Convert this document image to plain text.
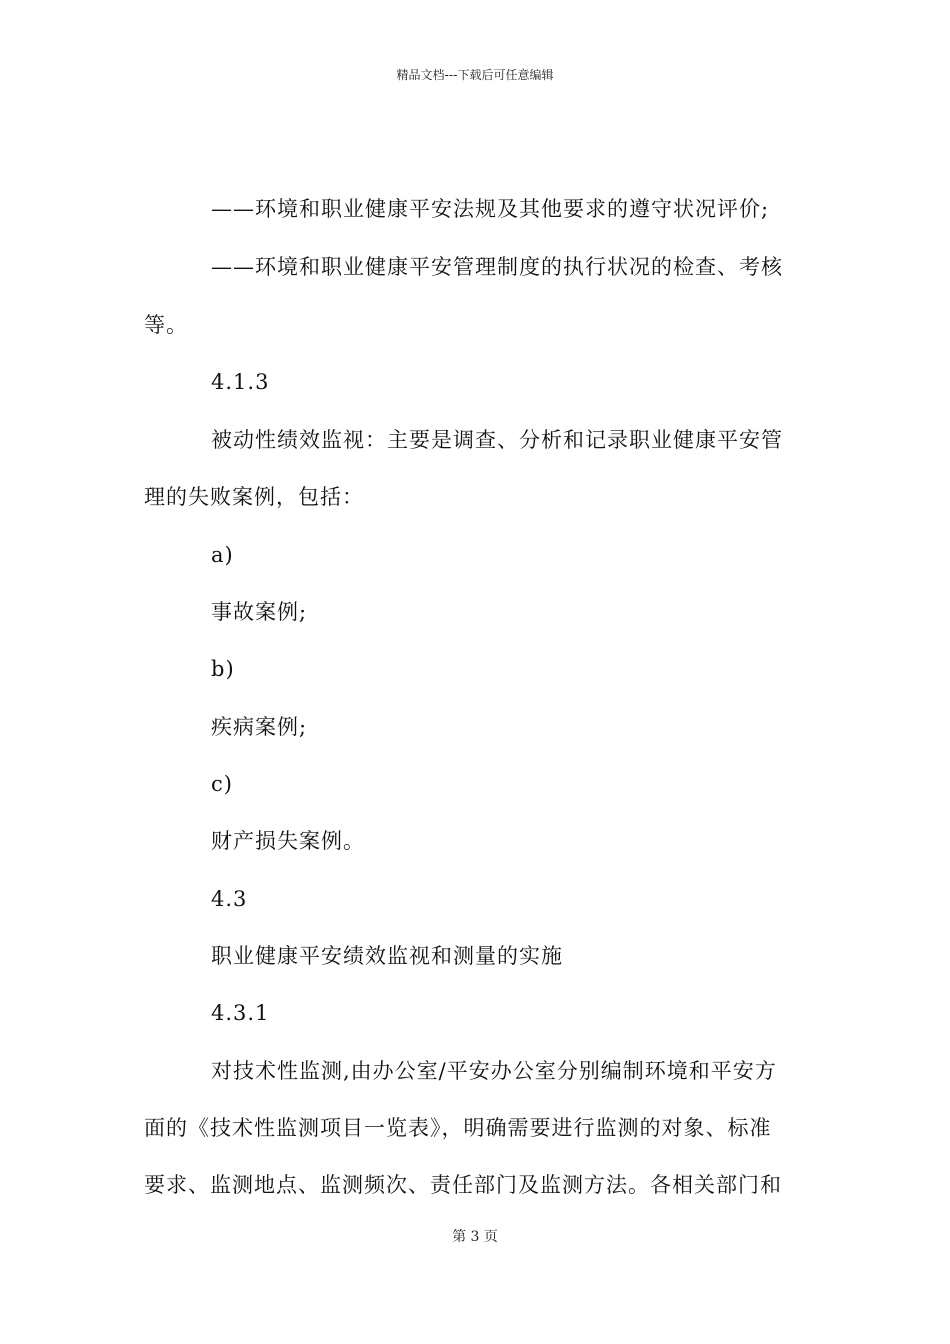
精品文档---下载后可任意编辑
——环境和职业健康平安法规及其他要求的遵守状况评价;
——环境和职业健康平安管理制度的执行状况的检查、考核
等。
4.1.3
被动性绩效监视：主要是调查、分析和记录职业健康平安管
理的失败案例，包括：
a)
事故案例;
b)
疾病案例;
c)
财产损失案例。
4.3
职业健康平安绩效监视和测量的实施
4.3.1
对技术性监测,由办公室/平安办公室分别编制环境和平安方
面的《技术性监测项目一览表》，明确需要进行监测的对象、标准
要求、监测地点、监测频次、责任部门及监测方法。各相关部门和
第 3 页
